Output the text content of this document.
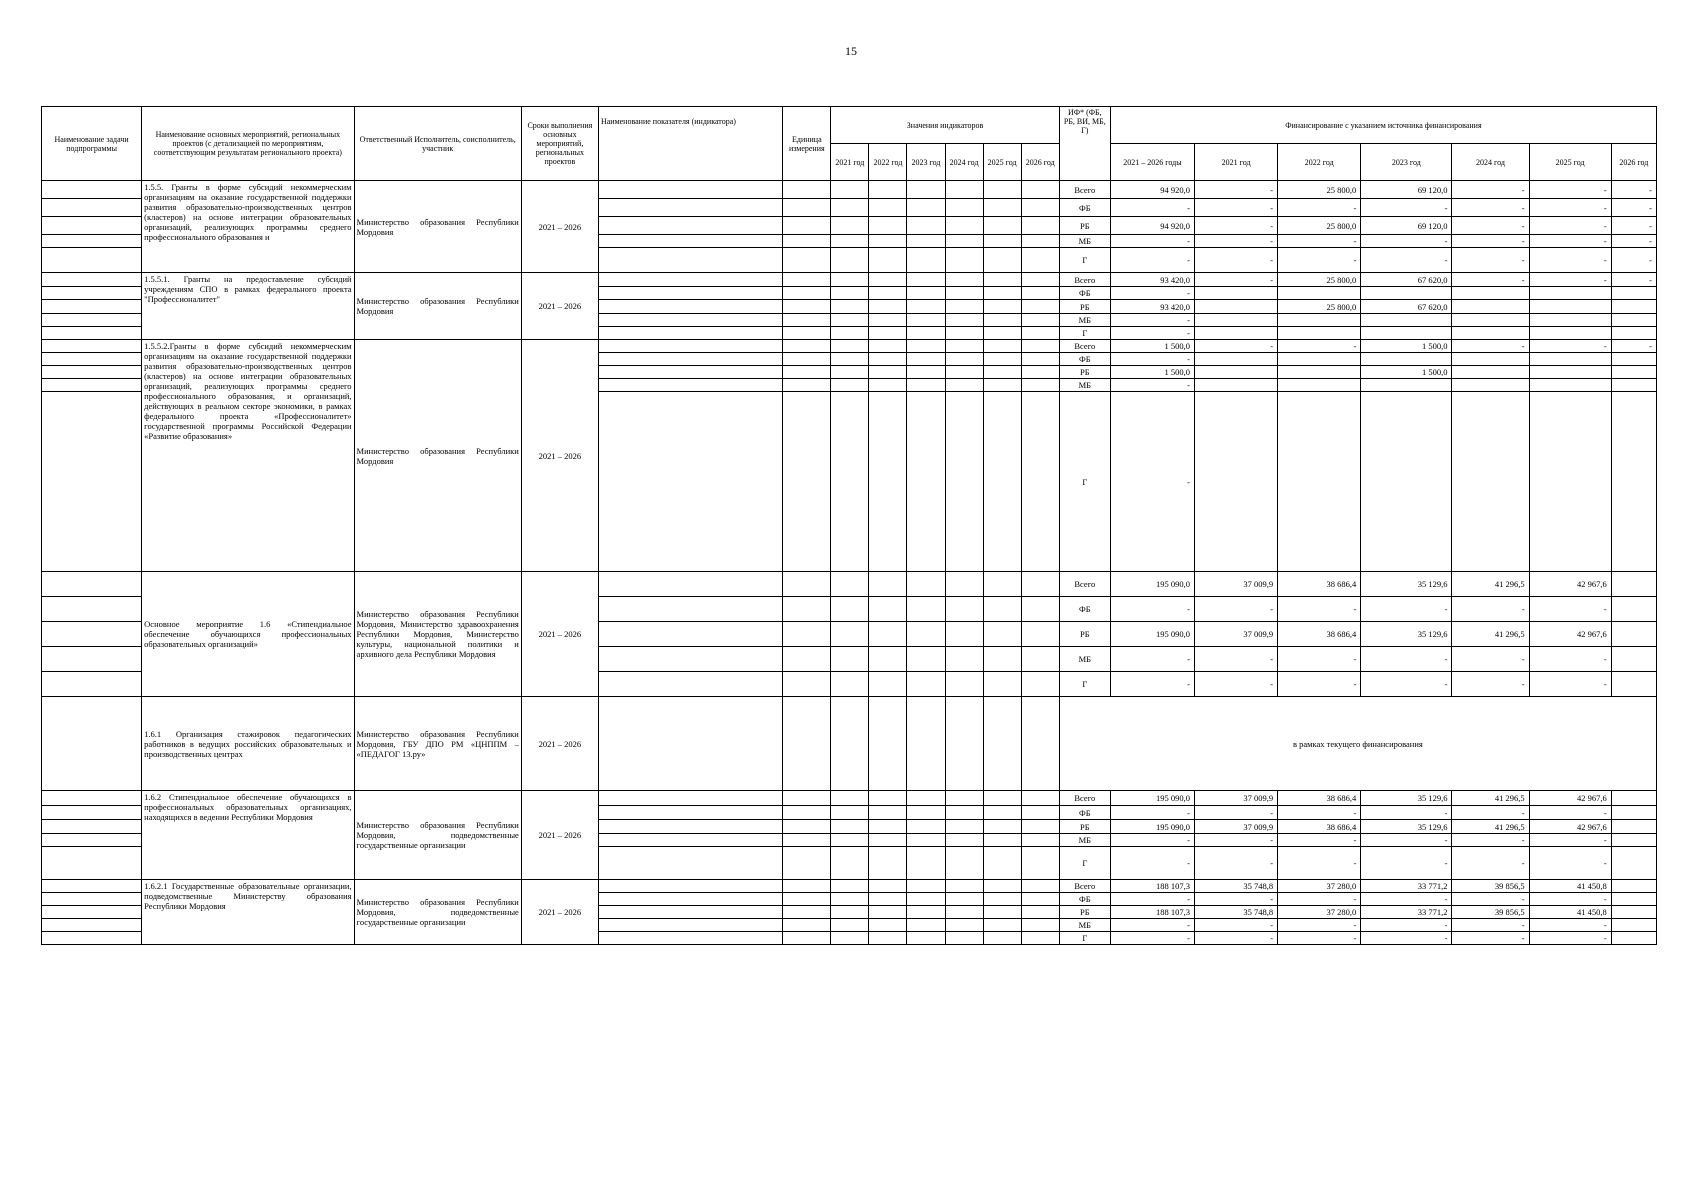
15
Наименование задачи подпрограммы	Наименование основных мероприятий, региональных проектов (с детализацией по мероприятиям, соответствующим результатам регионального проекта)	Ответственный Исполнитель, соисполнитель, участник	Сроки выполнения основных мероприятий, региональных проектов	Наименование показателя (индикатора)	Единица измерения	Значения индикаторов						ИФ* (ФБ, РБ, ВИ, МБ, Г)	Финансирование с указанием источника финансирования						
						2021 год	2022 год	2023 год	2024 год	2025 год	2026 год		2021 – 2026 годы	2021 год	2022 год	2023 год	2024 год	2025 год	2026 год
	1.5.5. Гранты в форме субсидий некоммерческим организациям на оказание государственной поддержки развития образовательно-производственных центров (кластеров) на основе интеграции образовательных организаций, реализующих программы среднего профессионального образования и	Министерство образования Республики Мордовия	2021 – 2026									Всего	94 920,0	-	25 800,0	69 120,0	-	-	-
												ФБ	-	-	-	-	-	-	-
												РБ	94 920,0	-	25 800,0	69 120,0	-	-	-
												МБ	-	-	-	-	-	-	-
												Г	-	-	-	-	-	-	-
	1.5.5.1. Гранты на предоставление субсидий учреждениям СПО в рамках федерального проекта "Профессионалитет"	Министерство образования Республики Мордовия	2021 – 2026									Всего	93 420,0	-	25 800,0	67 620,0	-	-	-
												ФБ	-						
												РБ	93 420,0		25 800,0	67 620,0			
												МБ	-						
												Г	-						
	1.5.5.2.Гранты в форме субсидий некоммерческим организациям на оказание государственной поддержки развития образовательно-производственных центров (кластеров) на основе интеграции образовательных организаций, реализующих программы среднего профессионального образования, и организаций, действующих в реальном секторе экономики, в рамках федерального проекта «Профессионалитет» государственной программы Российской Федерации «Развитие образования»	Министерство образования Республики Мордовия	2021 – 2026									Всего	1 500,0	-	-	1 500,0	-	-	-
												ФБ	-						
												РБ	1 500,0			1 500,0			
												МБ	-						
												Г	-						
	Основное мероприятие 1.6 «Стипендиальное обеспечение обучающихся профессиональных образовательных организаций»	Министерство образования Республики Мордовия, Министерство здравоохранения Республики Мордовия, Министерство культуры, национальной политики и архивного дела Республики Мордовия	2021 – 2026									Всего	195 090,0	37 009,9	38 686,4	35 129,6	41 296,5	42 967,6	
												ФБ	-	-	-	-	-	-	
												РБ	195 090,0	37 009,9	38 686,4	35 129,6	41 296,5	42 967,6	
												МБ	-	-	-	-	-	-	
												Г	-	-	-	-	-	-	
	1.6.1 Организация стажировок педагогических работников в ведущих российских образовательных и производственных центрах	Министерство образования Республики Мордовия, ГБУ ДПО РМ «ЦНППМ – «ПЕДАГОГ 13.ру»	2021 – 2026									в рамках текущего финансирования							
	1.6.2 Стипендиальное обеспечение обучающихся в профессиональных образовательных организациях, находящихся в ведении Республики Мордовия	Министерство образования Республики Мордовия, подведомственные государственные организации	2021 – 2026									Всего	195 090,0	37 009,9	38 686,4	35 129,6	41 296,5	42 967,6	
												ФБ	-	-	-	-	-	-	
												РБ	195 090,0	37 009,9	38 686,4	35 129,6	41 296,5	42 967,6	
												МБ	-	-	-	-	-	-	
												Г	-	-	-	-	-	-	
	1.6.2.1 Государственные образовательные организации, подведомственные Министерству образования Республики Мордовия	Министерство образования Республики Мордовия, подведомственные государственные организации	2021 – 2026									Всего	188 107,3	35 748,8	37 280,0	33 771,2	39 856,5	41 450,8	
												ФБ	-	-	-	-	-	-	
												РБ	188 107,3	35 748,8	37 280,0	33 771,2	39 856,5	41 450,8	
												МБ	-	-	-	-	-	-	
												Г	-	-	-	-	-	-	
